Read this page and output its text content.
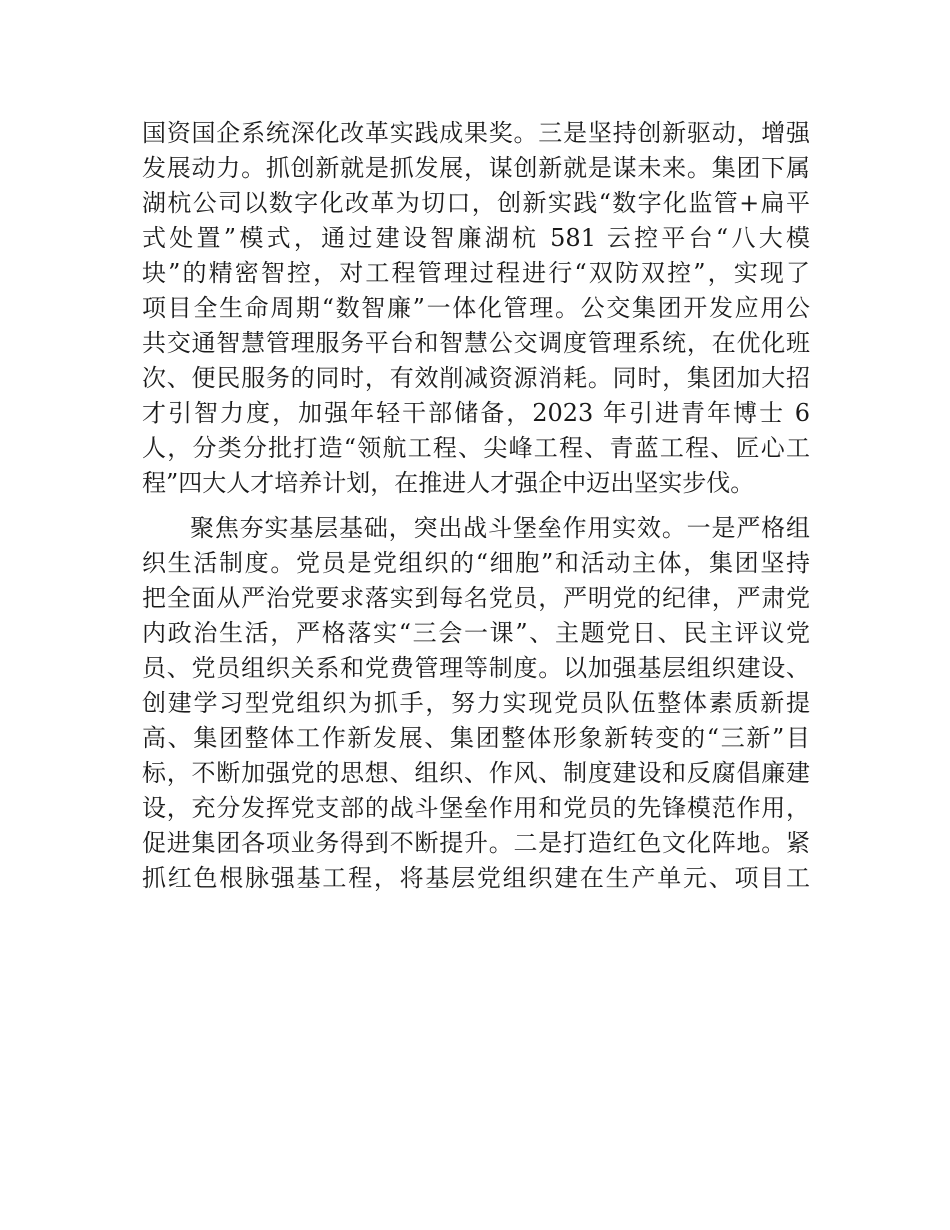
国资国企系统深化改革实践成果奖。三是坚持创新驱动，增强
发展动力。抓创新就是抓发展，谋创新就是谋未来。集团下属
湖杭公司以数字化改革为切口，创新实践“数字化监管+扁平
式处置”模式，通过建设智廉湖杭 581 云控平台“八大模
块”的精密智控，对工程管理过程进行“双防双控”，实现了
项目全生命周期“数智廉”一体化管理。公交集团开发应用公
共交通智慧管理服务平台和智慧公交调度管理系统，在优化班
次、便民服务的同时，有效削减资源消耗。同时，集团加大招
才引智力度，加强年轻干部储备，2023 年引进青年博士 6
人，分类分批打造“领航工程、尖峰工程、青蓝工程、匠心工
程”四大人才培养计划，在推进人才强企中迈出坚实步伐。
聚焦夯实基层基础，突出战斗堡垒作用实效。一是严格组
织生活制度。党员是党组织的“细胞”和活动主体，集团坚持
把全面从严治党要求落实到每名党员，严明党的纪律，严肃党
内政治生活，严格落实“三会一课”、主题党日、民主评议党
员、党员组织关系和党费管理等制度。以加强基层组织建设、
创建学习型党组织为抓手，努力实现党员队伍整体素质新提
高、集团整体工作新发展、集团整体形象新转变的“三新”目
标，不断加强党的思想、组织、作风、制度建设和反腐倡廉建
设，充分发挥党支部的战斗堡垒作用和党员的先锋模范作用，
促进集团各项业务得到不断提升。二是打造红色文化阵地。紧
抓红色根脉强基工程，将基层党组织建在生产单元、项目工
